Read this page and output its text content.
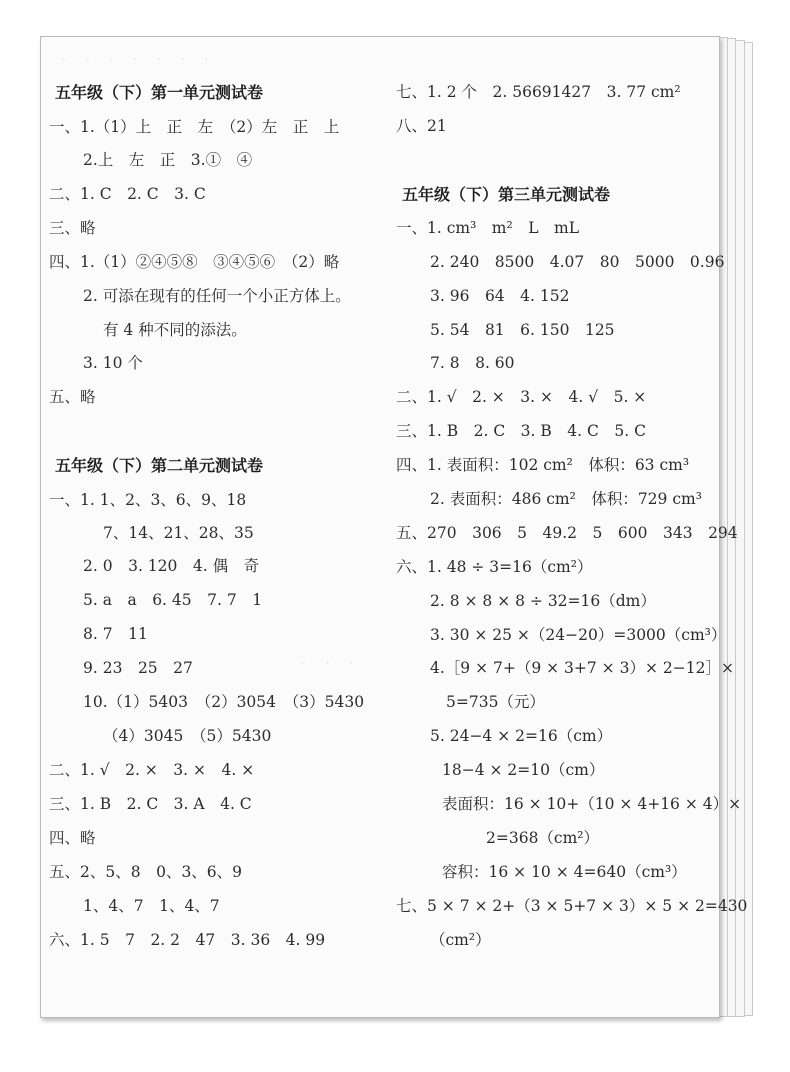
·　·　·　·　·　·　·
·　·　·
五年级（下）第一单元测试卷
一、1.（1）上　正　左　（2）左　正　上
2.上　左　正　3.①　④
二、1. C　2. C　3. C
三、略
四、1.（1）②④⑤⑧　③④⑤⑥　（2）略
2. 可添在现有的任何一个小正方体上。
有 4 种不同的添法。
3. 10 个
五、略
五年级（下）第二单元测试卷
一、1. 1、2、3、6、9、18
7、14、21、28、35
2. 0　3. 120　4. 偶　奇
5. a　a　6. 45　7. 7　1
8. 7　11
9. 23　25　27
10.（1）5403　（2）3054　（3）5430
（4）3045　（5）5430
二、1. √　2. ×　3. ×　4. ×
三、1. B　2. C　3. A　4. C
四、略
五、2、5、8　0、3、6、9
1、4、7　1、4、7
六、1. 5　7　2. 2　47　3. 36　4. 99
七、1. 2 个　2. 56691427　3. 77 cm²
八、21
五年级（下）第三单元测试卷
一、1. cm³　m²　L　mL
2. 240　8500　4.07　80　5000　0.96
3. 96　64　4. 152
5. 54　81　6. 150　125
7. 8　8. 60
二、1. √　2. ×　3. ×　4. √　5. ×
三、1. B　2. C　3. B　4. C　5. C
四、1. 表面积：102 cm²　体积：63 cm³
2. 表面积：486 cm²　体积：729 cm³
五、270　306　5　49.2　5　600　343　294
六、1. 48 ÷ 3=16（cm²）
2. 8 × 8 × 8 ÷ 32=16（dm）
3. 30 × 25 ×（24−20）=3000（cm³）
4.［9 × 7+（9 × 3+7 × 3）× 2−12］×
5=735（元）
5. 24−4 × 2=16（cm）
18−4 × 2=10（cm）
表面积：16 × 10+（10 × 4+16 × 4）×
2=368（cm²）
容积：16 × 10 × 4=640（cm³）
七、5 × 7 × 2+（3 × 5+7 × 3）× 5 × 2=430
（cm²）
